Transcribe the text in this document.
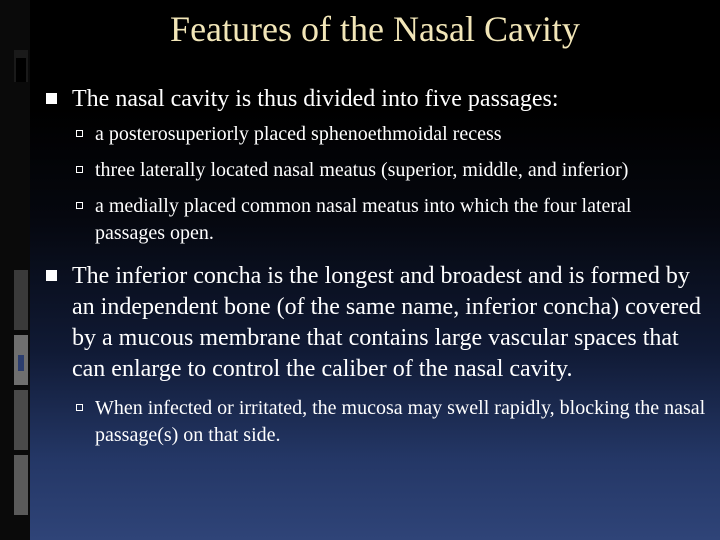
Features of the Nasal Cavity
The nasal cavity is thus divided into five passages:
a posterosuperiorly placed sphenoethmoidal recess
three laterally located nasal meatus (superior, middle, and inferior)
a medially placed common nasal meatus into which the four lateral passages open.
The inferior concha is the longest and broadest and is formed by an independent bone (of the same name, inferior concha) covered by a mucous membrane that contains large vascular spaces that can enlarge to control the caliber of the nasal cavity.
When infected or irritated, the mucosa may swell rapidly, blocking the nasal passage(s) on that side.
